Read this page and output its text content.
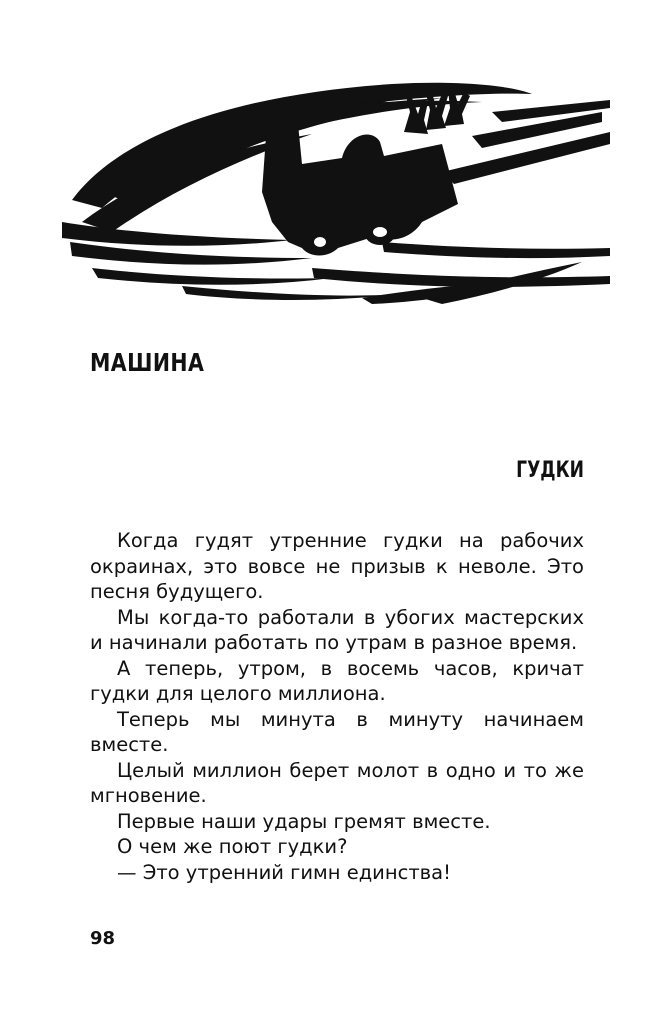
МАШИНА
ГУДКИ

Когда гудят утренние гудки на рабочих окраинах, это вовсе не призыв к неволе. Это песня будущего.

Мы когда-то работали в убогих мастерских и начинали работать по утрам в разное время.

А теперь, утром, в восемь часов, кричат гудки для целого миллиона.

Теперь мы минута в минуту начинаем вместе.

Целый миллион берет молот в одно и то же мгновение.

Первые наши удары гремят вместе.

О чем же поют гудки?

— Это утренний гимн единства!

98
